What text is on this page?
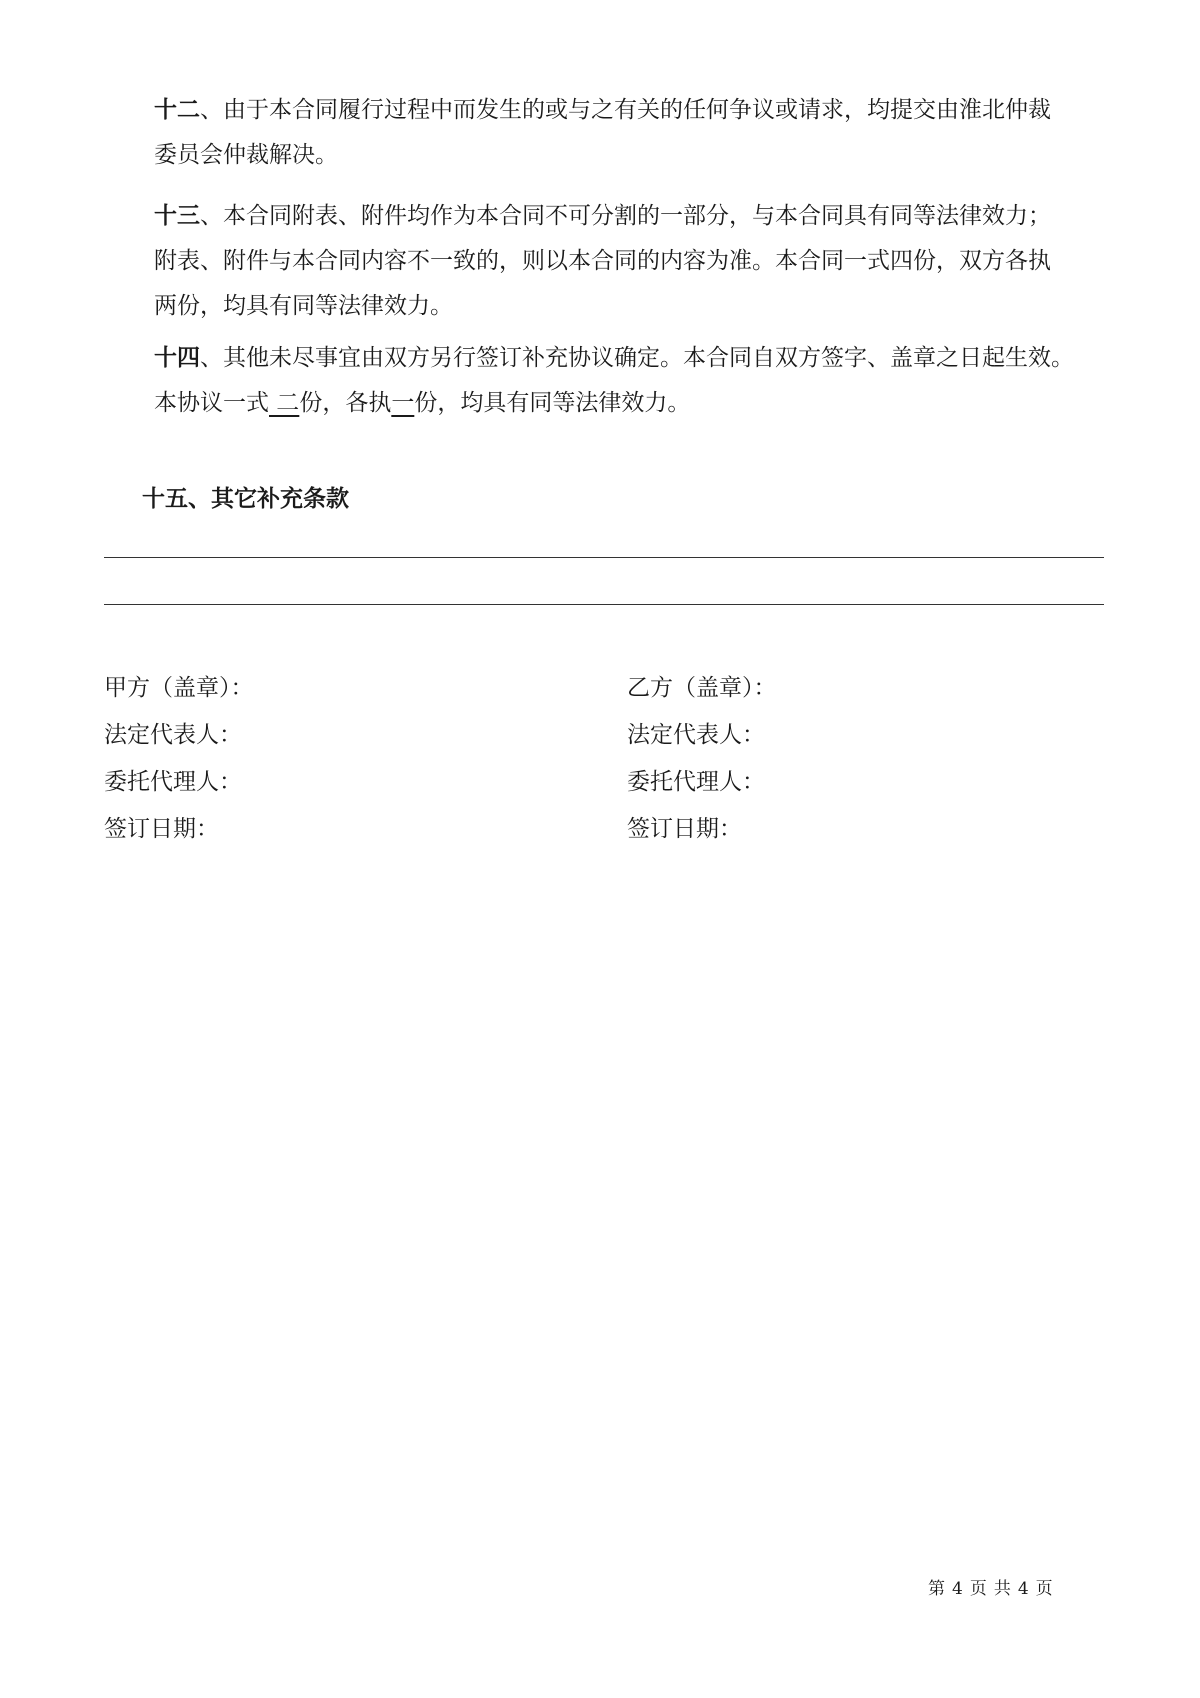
十二、由于本合同履行过程中而发生的或与之有关的任何争议或请求，均提交由淮北仲裁
委员会仲裁解决。
十三、本合同附表、附件均作为本合同不可分割的一部分，与本合同具有同等法律效力；
附表、附件与本合同内容不一致的，则以本合同的内容为准。本合同一式四份，双方各执
两份，均具有同等法律效力。
十四、其他未尽事宜由双方另行签订补充协议确定。本合同自双方签字、盖章之日起生效。
本协议一式 二份，各执一份，均具有同等法律效力。
十五、其它补充条款
甲方（盖章）：
法定代表人：
委托代理人：
签订日期：
乙方（盖章）：
法定代表人：
委托代理人：
签订日期：
第 4 页 共 4 页
